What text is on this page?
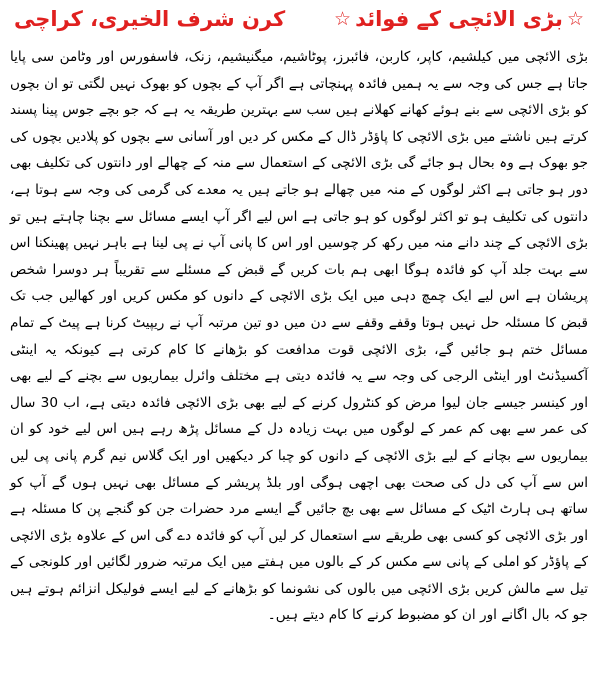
☆
بڑی الائچی کے فوائد
☆
کرن شرف الخیری، کراچی

بڑی الائچی میں کیلشیم، کاپر، کاربن، فائبرز، پوٹاشیم، میگنیشیم، زنک، فاسفورس اور وٹامن سی پایا جاتا ہے جس کی وجہ سے یہ ہمیں فائدہ پہنچاتی ہے اگر آپ کے بچوں کو بھوک نہیں لگتی تو ان بچوں کو بڑی الائچی سے بنے ہوئے کھانے کھلانے ہیں سب سے بہترین طریقہ یہ ہے کہ جو بچے جوس پینا پسند کرتے ہیں ناشتے میں بڑی الائچی کا پاؤڈر ڈال کے مکس کر دیں اور آسانی سے بچوں کو پلادیں بچوں کی جو بھوک ہے وہ بحال ہو جائے گی بڑی الائچی کے استعمال سے منہ کے چھالے اور دانتوں کی تکلیف بھی دور ہو جاتی ہے اکثر لوگوں کے منہ میں چھالے ہو جاتے ہیں یہ معدے کی گرمی کی وجہ سے ہوتا ہے، دانتوں کی تکلیف ہو تو اکثر لوگوں کو ہو جاتی ہے اس لیے اگر آپ ایسے مسائل سے بچنا چاہتے ہیں تو بڑی الائچی کے چند دانے منہ میں رکھ کر چوسیں اور اس کا پانی آپ نے پی لینا ہے باہر نہیں پھینکنا اس سے بہت جلد آپ کو فائدہ ہوگا ابھی ہم بات کریں گے قبض کے مسئلے سے تقریباً ہر دوسرا شخص پریشان ہے اس لیے ایک چمچ دہی میں ایک بڑی الائچی کے دانوں کو مکس کریں اور کھالیں جب تک قبض کا مسئلہ حل نہیں ہوتا وقفے وقفے سے دن میں دو تین مرتبہ آپ نے ریپیٹ کرنا ہے پیٹ کے تمام مسائل ختم ہو جائیں گے، بڑی الائچی قوت مدافعت کو بڑھانے کا کام کرتی ہے کیونکہ یہ اینٹی آکسیڈنٹ اور اینٹی الرجی کی وجہ سے یہ فائدہ دیتی ہے مختلف وائرل بیماریوں سے بچنے کے لیے بھی اور کینسر جیسے جان لیوا مرض کو کنٹرول کرنے کے لیے بھی بڑی الائچی فائدہ دیتی ہے، اب 30 سال کی عمر سے بھی کم عمر کے لوگوں میں بہت زیادہ دل کے مسائل پڑھ رہے ہیں اس لیے خود کو ان بیماریوں سے بچانے کے لیے بڑی الائچی کے دانوں کو چبا کر دیکھیں اور ایک گلاس نیم گرم پانی پی لیں اس سے آپ کی دل کی صحت بھی اچھی ہوگی اور بلڈ پریشر کے مسائل بھی نہیں ہوں گے آپ کو ساتھ ہی ہارٹ اٹیک کے مسائل سے بھی بچ جائیں گے ایسے مرد حضرات جن کو گنجے پن کا مسئلہ ہے اور بڑی الائچی کو کسی بھی طریقے سے استعمال کر لیں آپ کو فائدہ دے گی اس کے علاوہ بڑی الائچی کے پاؤڈر کو املی کے پانی سے مکس کر کے بالوں میں ہفتے میں ایک مرتبہ ضرور لگائیں اور کلونجی کے تیل سے مالش کریں بڑی الائچی میں بالوں کی نشونما کو بڑھانے کے لیے ایسے فولیکل انزائم ہوتے ہیں جو کہ بال اگانے اور ان کو مضبوط کرنے کا کام دیتے ہیں۔
